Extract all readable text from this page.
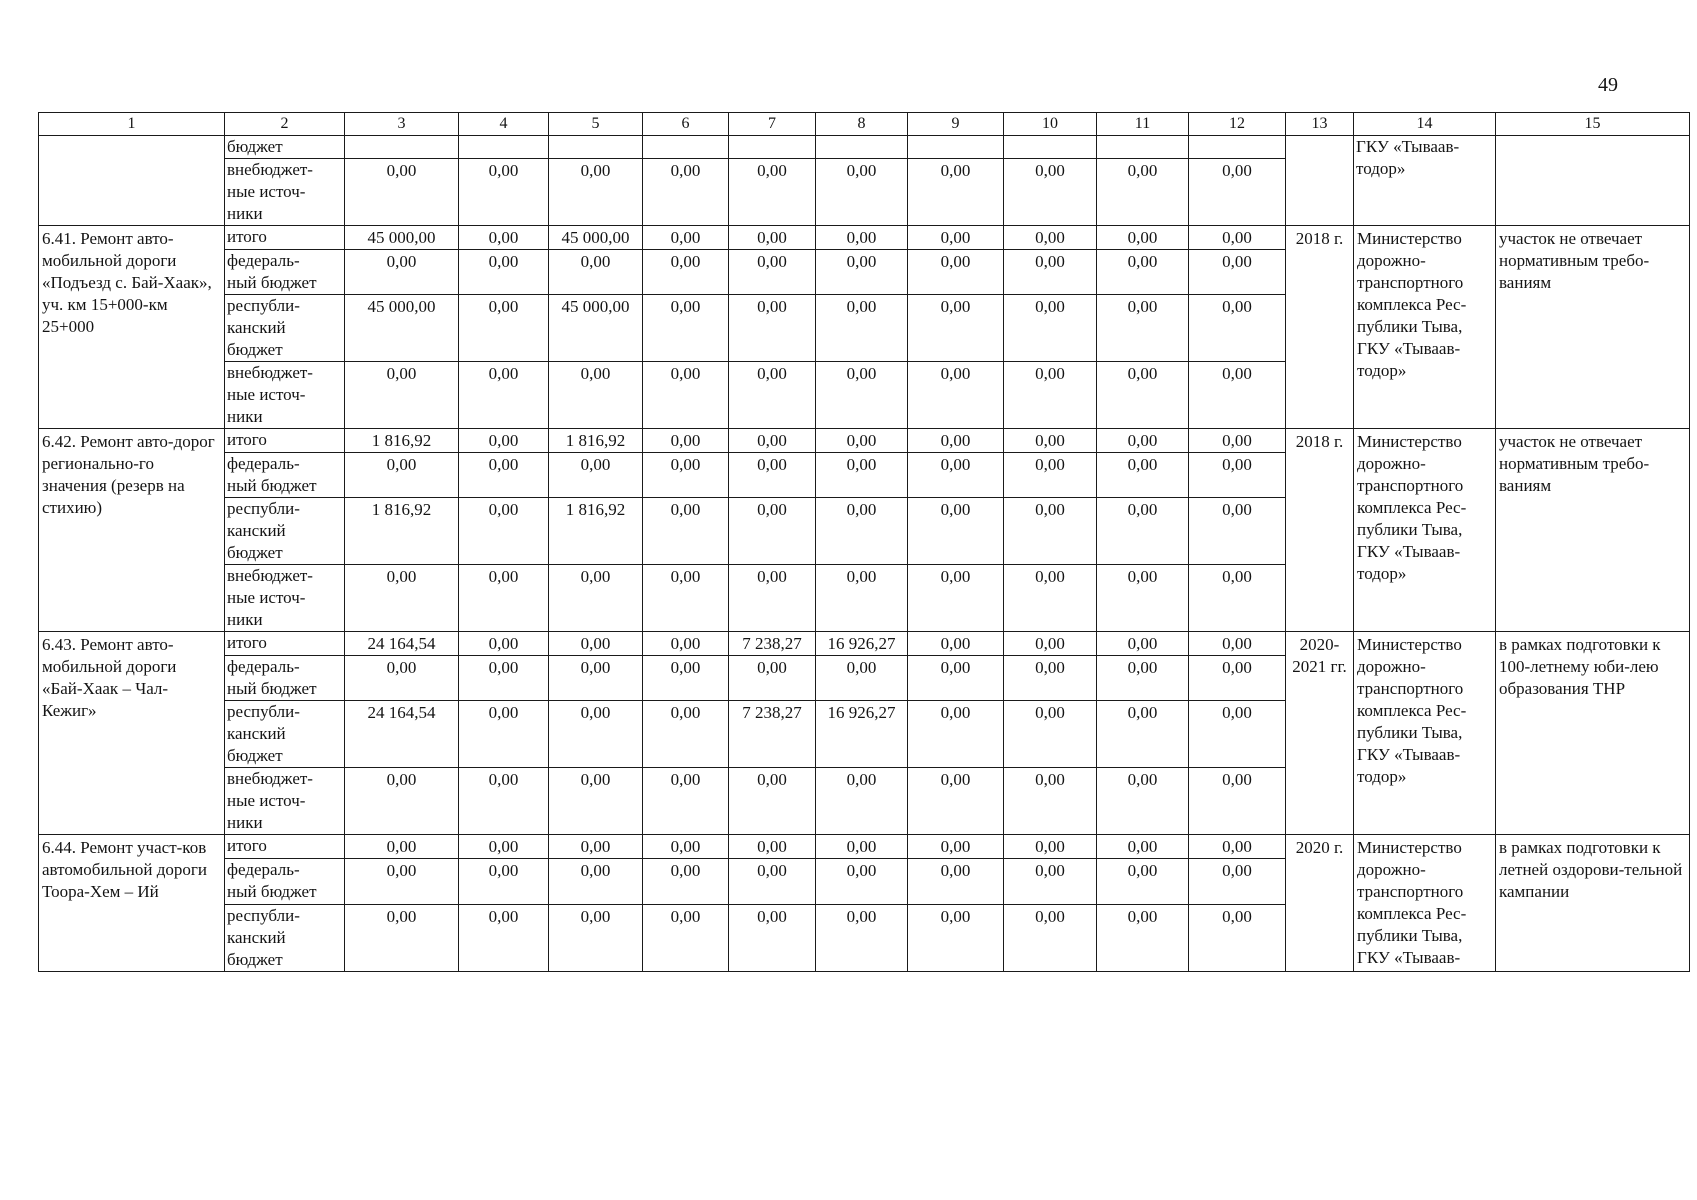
49
1	2	3	4	5	6	7	8	9	10	11	12	13	14	15
	бюджет												ГКУ «Тываав-
тодор»	
	внебюджет-
ные источ-
ники	0,00	0,00	0,00	0,00	0,00	0,00	0,00	0,00	0,00	0,00			
6.41. Ремонт авто-мобильной дороги «Подъезд с. Бай-Хаак», уч. км 15+000-км 25+000	итого	45 000,00	0,00	45 000,00	0,00	0,00	0,00	0,00	0,00	0,00	0,00	2018 г.	Министерство дорожно-транспортного комплекса Рес-публики Тыва, ГКУ «Тываав-тодор»	участок не отвечает нормативным требо-ваниям
	федераль-
ный бюджет	0,00	0,00	0,00	0,00	0,00	0,00	0,00	0,00	0,00	0,00			
	республи-
канский
бюджет	45 000,00	0,00	45 000,00	0,00	0,00	0,00	0,00	0,00	0,00	0,00			
	внебюджет-
ные источ-
ники	0,00	0,00	0,00	0,00	0,00	0,00	0,00	0,00	0,00	0,00			
6.42. Ремонт авто-дорог регионально-го значения (резерв на стихию)	итого	1 816,92	0,00	1 816,92	0,00	0,00	0,00	0,00	0,00	0,00	0,00	2018 г.	Министерство дорожно-транспортного комплекса Рес-публики Тыва, ГКУ «Тываав-тодор»	участок не отвечает нормативным требо-ваниям
	федераль-
ный бюджет	0,00	0,00	0,00	0,00	0,00	0,00	0,00	0,00	0,00	0,00			
	республи-
канский
бюджет	1 816,92	0,00	1 816,92	0,00	0,00	0,00	0,00	0,00	0,00	0,00			
	внебюджет-
ные источ-
ники	0,00	0,00	0,00	0,00	0,00	0,00	0,00	0,00	0,00	0,00			
6.43. Ремонт авто-мобильной дороги «Бай-Хаак – Чал-Кежиг»	итого	24 164,54	0,00	0,00	0,00	7 238,27	16 926,27	0,00	0,00	0,00	0,00	2020-2021 гг.	Министерство дорожно-транспортного комплекса Рес-публики Тыва, ГКУ «Тываав-тодор»	в рамках подготовки к 100-летнему юби-лею образования ТНР
	федераль-
ный бюджет	0,00	0,00	0,00	0,00	0,00	0,00	0,00	0,00	0,00	0,00			
	республи-
канский
бюджет	24 164,54	0,00	0,00	0,00	7 238,27	16 926,27	0,00	0,00	0,00	0,00			
	внебюджет-
ные источ-
ники	0,00	0,00	0,00	0,00	0,00	0,00	0,00	0,00	0,00	0,00			
6.44. Ремонт участ-ков автомобильной дороги Тоора-Хем – Ий	итого	0,00	0,00	0,00	0,00	0,00	0,00	0,00	0,00	0,00	0,00	2020 г.	Министерство дорожно-транспортного комплекса Рес-публики Тыва, ГКУ «Тываав-	в рамках подготовки к летней оздорови-тельной кампании
	федераль-
ный бюджет	0,00	0,00	0,00	0,00	0,00	0,00	0,00	0,00	0,00	0,00			
	республи-
канский
бюджет	0,00	0,00	0,00	0,00	0,00	0,00	0,00	0,00	0,00	0,00			
